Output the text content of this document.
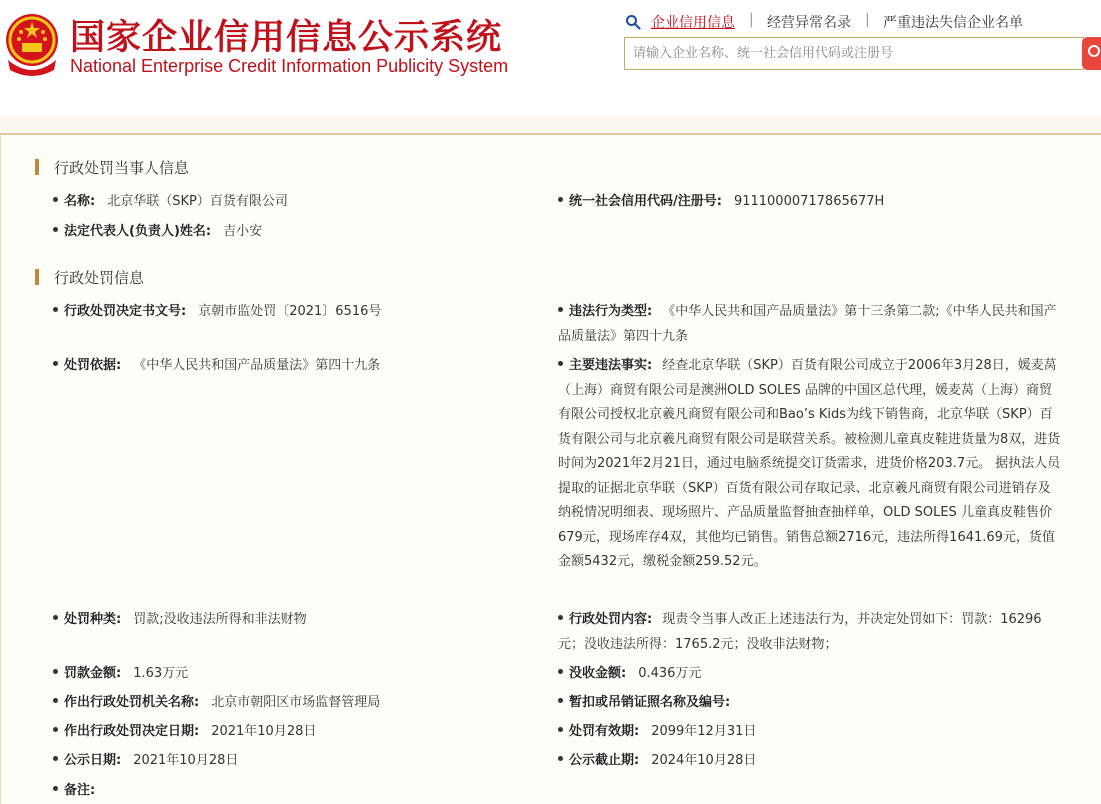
国家企业信用信息公示系统
National Enterprise Credit Information Publicity System
企业信用信息 | 经营异常名录 | 严重违法失信企业名单
请输入企业名称、统一社会信用代码或注册号
行政处罚当事人信息
名称: 北京华联（SKP）百货有限公司	统一社会信用代码/注册号: 91110000717865677H
法定代表人(负责人)姓名: 吉小安
行政处罚信息
行政处罚决定书文号: 京朝市监处罚〔2021〕6516号
处罚依据: 《中华人民共和国产品质量法》第四十九条
处罚种类: 罚款;没收违法所得和非法财物
罚款金额: 1.63万元
作出行政处罚机关名称: 北京市朝阳区市场监督管理局
作出行政处罚决定日期: 2021年10月28日
公示日期: 2021年10月28日
备注:
违法行为类型: 《中华人民共和国产品质量法》第十三条第二款;《中华人民共和国产品质量法》第四十九条
主要违法事实: 经查北京华联（SKP）百货有限公司成立于2006年3月28日，媛麦莴（上海）商贸有限公司是澳洲OLD SOLES 品牌的中国区总代理，媛麦莴（上海）商贸有限公司授权北京羲凡商贸有限公司和Bao’s Kids为线下销售商，北京华联（SKP）百货有限公司与北京羲凡商贸有限公司是联营关系。被检测儿童真皮鞋进货量为8双，进货时间为2021年2月21日，通过电脑系统提交订货需求，进货价格203.7元。 据执法人员提取的证据北京华联（SKP）百货有限公司存取记录、北京羲凡商贸有限公司进销存及纳税情况明细表、现场照片、产品质量监督抽查抽样单，OLD SOLES 儿童真皮鞋售价679元，现场库存4双，其他均已销售。销售总额2716元，违法所得1641.69元，货值金额5432元，缴税金额259.52元。
行政处罚内容: 现责令当事人改正上述违法行为，并决定处罚如下：罚款：16296元；没收违法所得：1765.2元；没收非法财物；
没收金额: 0.436万元
暂扣或吊销证照名称及编号:
处罚有效期: 2099年12月31日
公示截止期: 2024年10月28日
